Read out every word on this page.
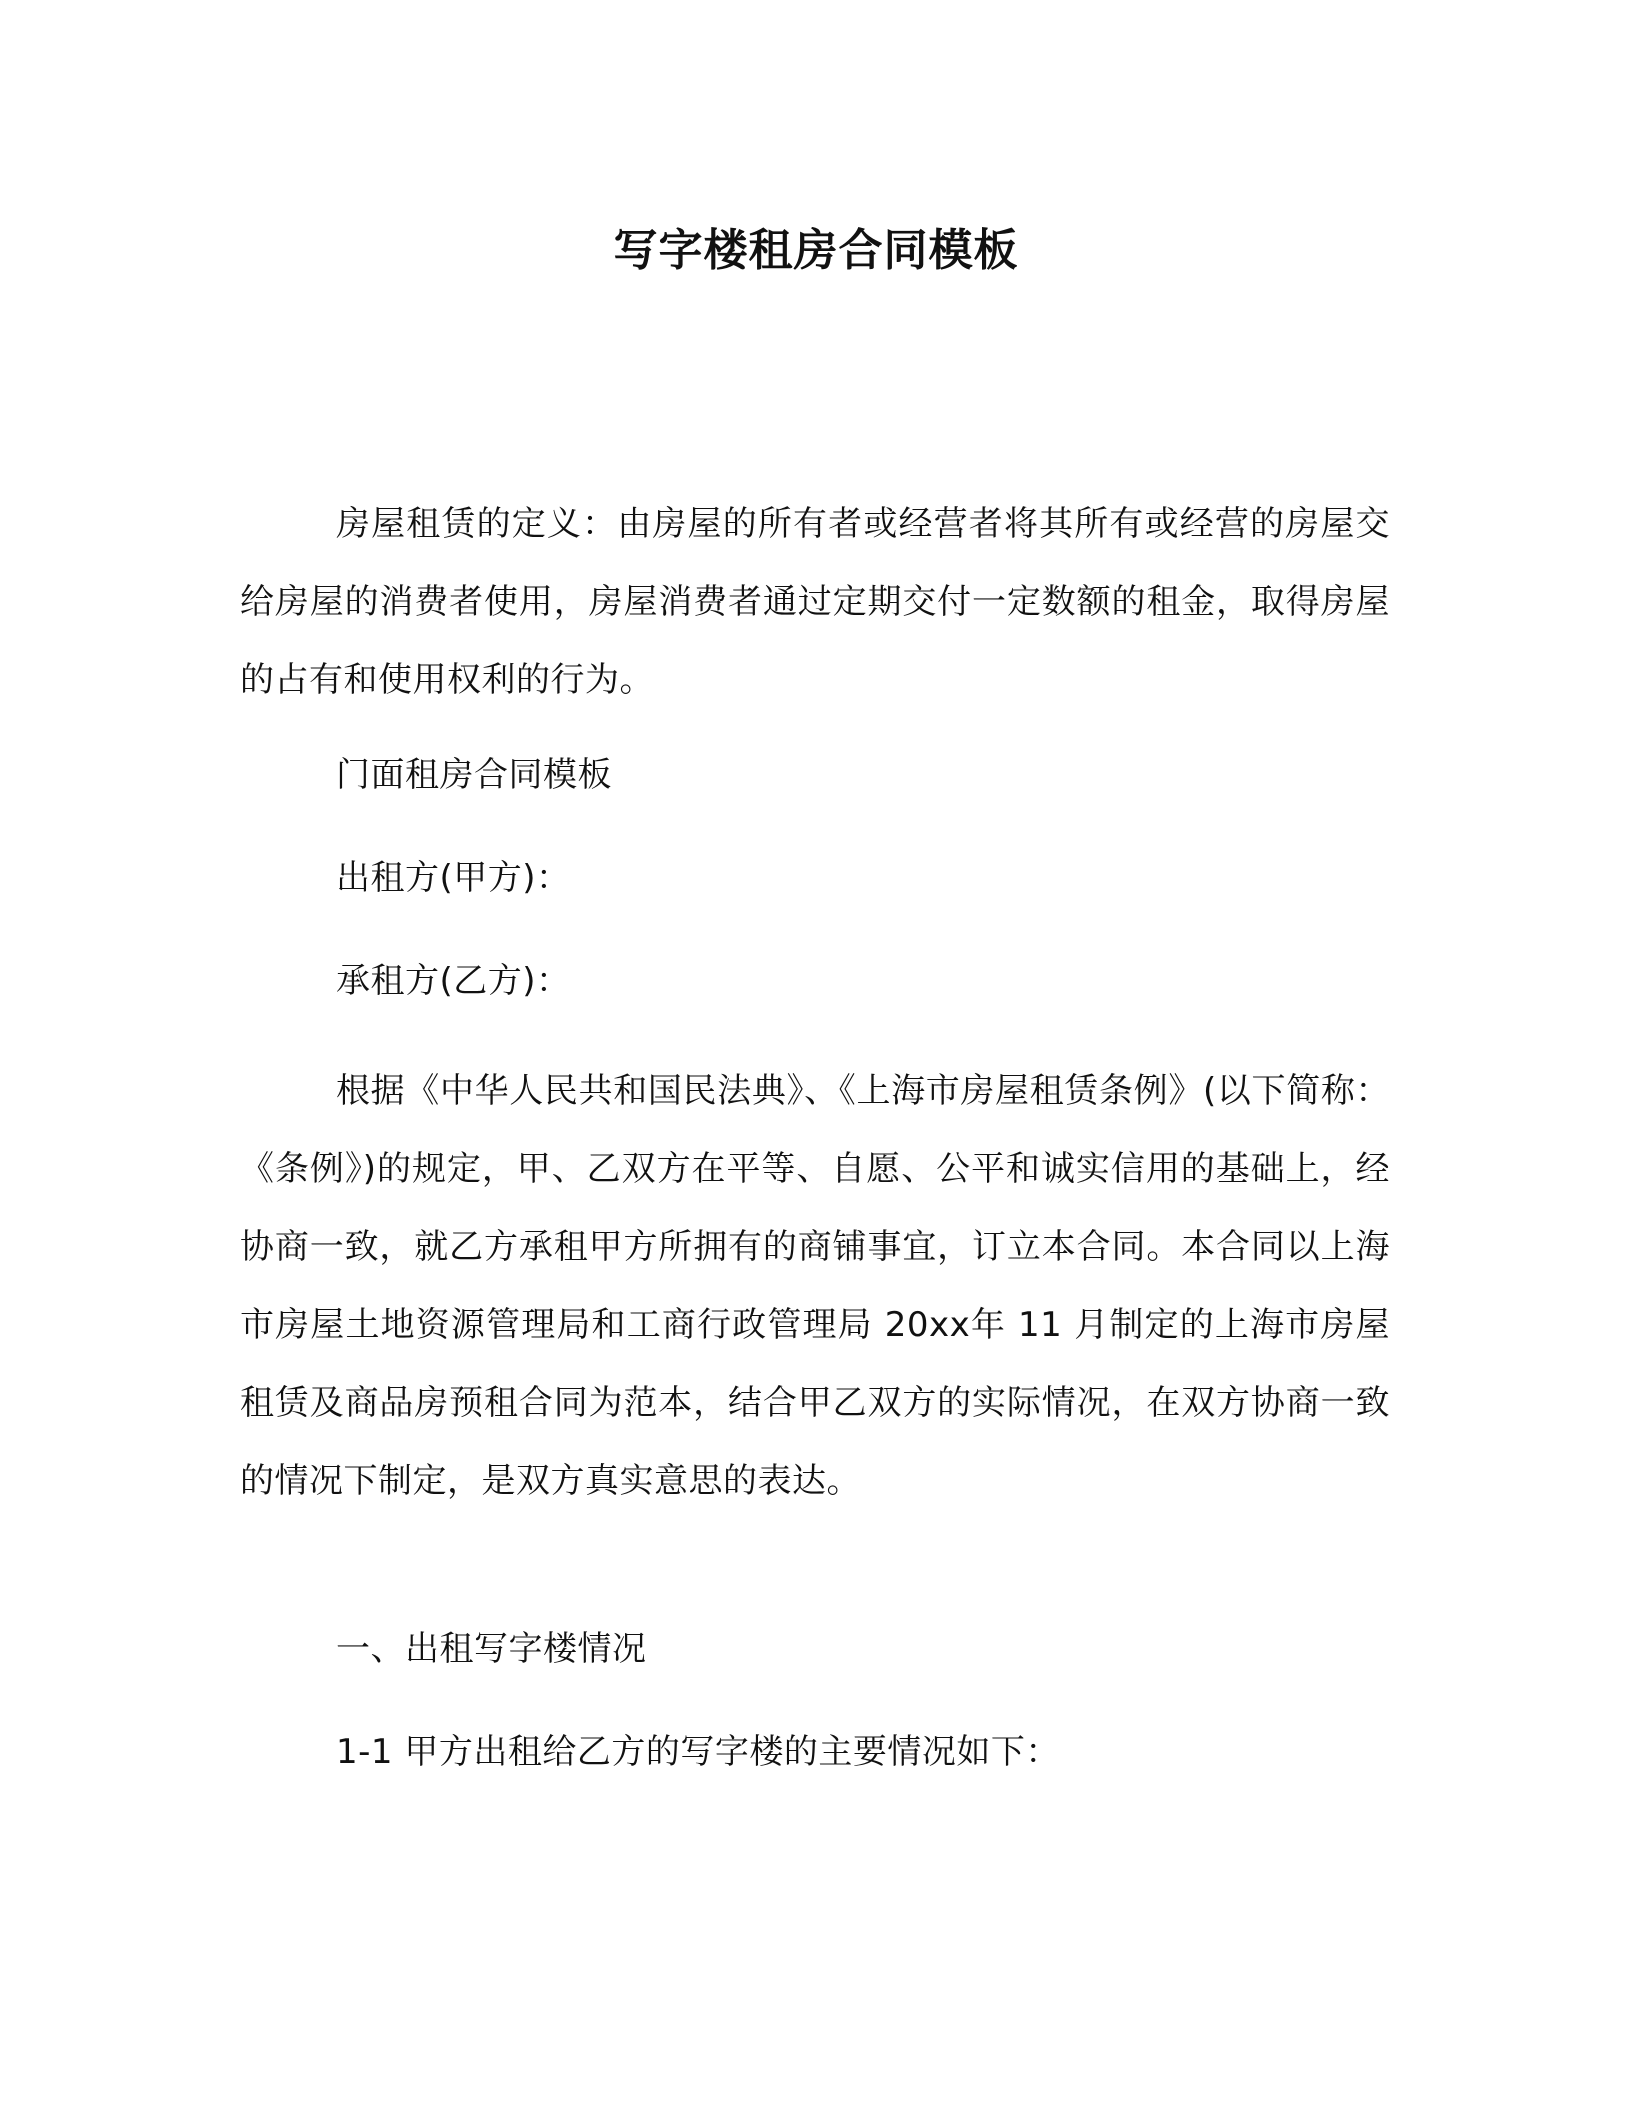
写字楼租房合同模板

房屋租赁的定义：由房屋的所有者或经营者将其所有或经营的房屋交给房屋的消费者使用，房屋消费者通过定期交付一定数额的租金，取得房屋的占有和使用权利的行为。

门面租房合同模板

出租方(甲方)：

承租方(乙方)：

根据《中华人民共和国民法典》、《上海市房屋租赁条例》(以下简称：《条例》)的规定，甲、乙双方在平等、自愿、公平和诚实信用的基础上，经协商一致，就乙方承租甲方所拥有的商铺事宜，订立本合同。本合同以上海市房屋土地资源管理局和工商行政管理局 20xx年 11 月制定的上海市房屋租赁及商品房预租合同为范本，结合甲乙双方的实际情况，在双方协商一致的情况下制定，是双方真实意思的表达。

一、出租写字楼情况

1-1 甲方出租给乙方的写字楼的主要情况如下：
